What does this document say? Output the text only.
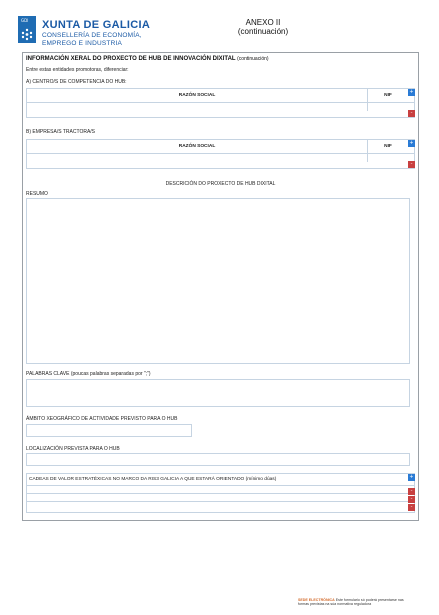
GDI XUNTA DE GALICIA
CONSELLERÍA DE ECONOMÍA,
EMPREGO E INDUSTRIA
ANEXO II
(continuación)
INFORMACIÓN XERAL DO PROXECTO DE HUB DE INNOVACIÓN DIXITAL (continuación)
Entre estas entidades promotoras, diferenciar:
A) CENTRO/S DE COMPETENCIA DO HUB:
RAZÓN SOCIAL	NIF
+
-
B) EMPRESA/S TRACTORA/S
RAZÓN SOCIAL	NIF
+
-
DESCRICIÓN DO PROXECTO DE HUB DIXITAL
RESUMO
PALABRAS CLAVE (poucas palabras separadas por ";")
ÁMBITO XEOGRÁFICO DE ACTIVIDADE PREVISTO PARA O HUB
LOCALIZACIÓN PREVISTA PARA O HUB
CADEAS DE VALOR ESTRATÉXICAS NO MARCO DA RIS3 GALICIA A QUE ESTARÁ ORIENTADO (mínimo dúas)	+
-
-
-
SEDE ELECTRÓNICA Este formulario só poderá presentarse nas
formas previstas na súa normativa reguladora
